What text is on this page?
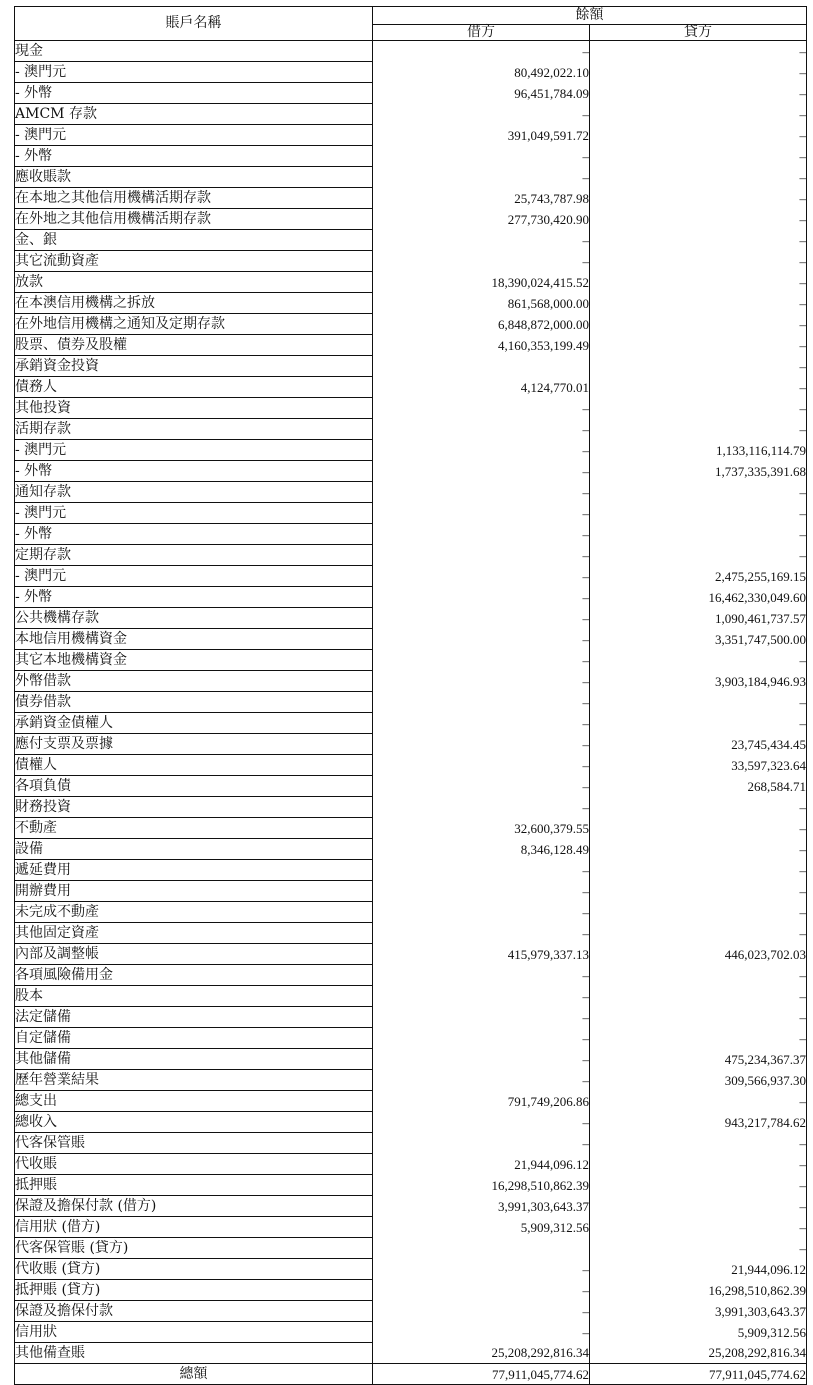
賬戶名稱	餘額	
	借方	貸方
現金	–	–
- 澳門元	80,492,022.10	–
- 外幣	96,451,784.09	–
AMCM 存款	–	–
- 澳門元	391,049,591.72	–
- 外幣	–	–
應收賬款	–	–
在本地之其他信用機構活期存款	25,743,787.98	–
在外地之其他信用機構活期存款	277,730,420.90	–
金、銀	–	–
其它流動資產	–	–
放款	18,390,024,415.52	–
在本澳信用機構之拆放	861,568,000.00	–
在外地信用機構之通知及定期存款	6,848,872,000.00	–
股票、債券及股權	4,160,353,199.49	–
承銷資金投資		–
債務人	4,124,770.01	–
其他投資	–	–
活期存款	–	–
- 澳門元	–	1,133,116,114.79
- 外幣	–	1,737,335,391.68
通知存款	–	–
- 澳門元	–	–
- 外幣	–	–
定期存款	–	–
- 澳門元	–	2,475,255,169.15
- 外幣	–	16,462,330,049.60
公共機構存款	–	1,090,461,737.57
本地信用機構資金	–	3,351,747,500.00
其它本地機構資金	–	–
外幣借款	–	3,903,184,946.93
債券借款	–	–
承銷資金債權人	–	–
應付支票及票據	–	23,745,434.45
債權人	–	33,597,323.64
各項負債	–	268,584.71
財務投資	–	–
不動產	32,600,379.55	–
設備	8,346,128.49	–
遞延費用	–	–
開辦費用	–	–
未完成不動產	–	–
其他固定資產	–	–
內部及調整帳	415,979,337.13	446,023,702.03
各項風險備用金	–	–
股本	–	–
法定儲備	–	–
自定儲備	–	–
其他儲備	–	475,234,367.37
歷年營業結果	–	309,566,937.30
總支出	791,749,206.86	–
總收入	–	943,217,784.62
代客保管賬	–	–
代收賬	21,944,096.12	–
抵押賬	16,298,510,862.39	–
保證及擔保付款 (借方)	3,991,303,643.37	–
信用狀 (借方)	5,909,312.56	–
代客保管賬 (貸方)		–
代收賬 (貸方)	–	21,944,096.12
抵押賬 (貸方)	–	16,298,510,862.39
保證及擔保付款	–	3,991,303,643.37
信用狀	–	5,909,312.56
其他備查賬	25,208,292,816.34	25,208,292,816.34
總額	77,911,045,774.62	77,911,045,774.62
